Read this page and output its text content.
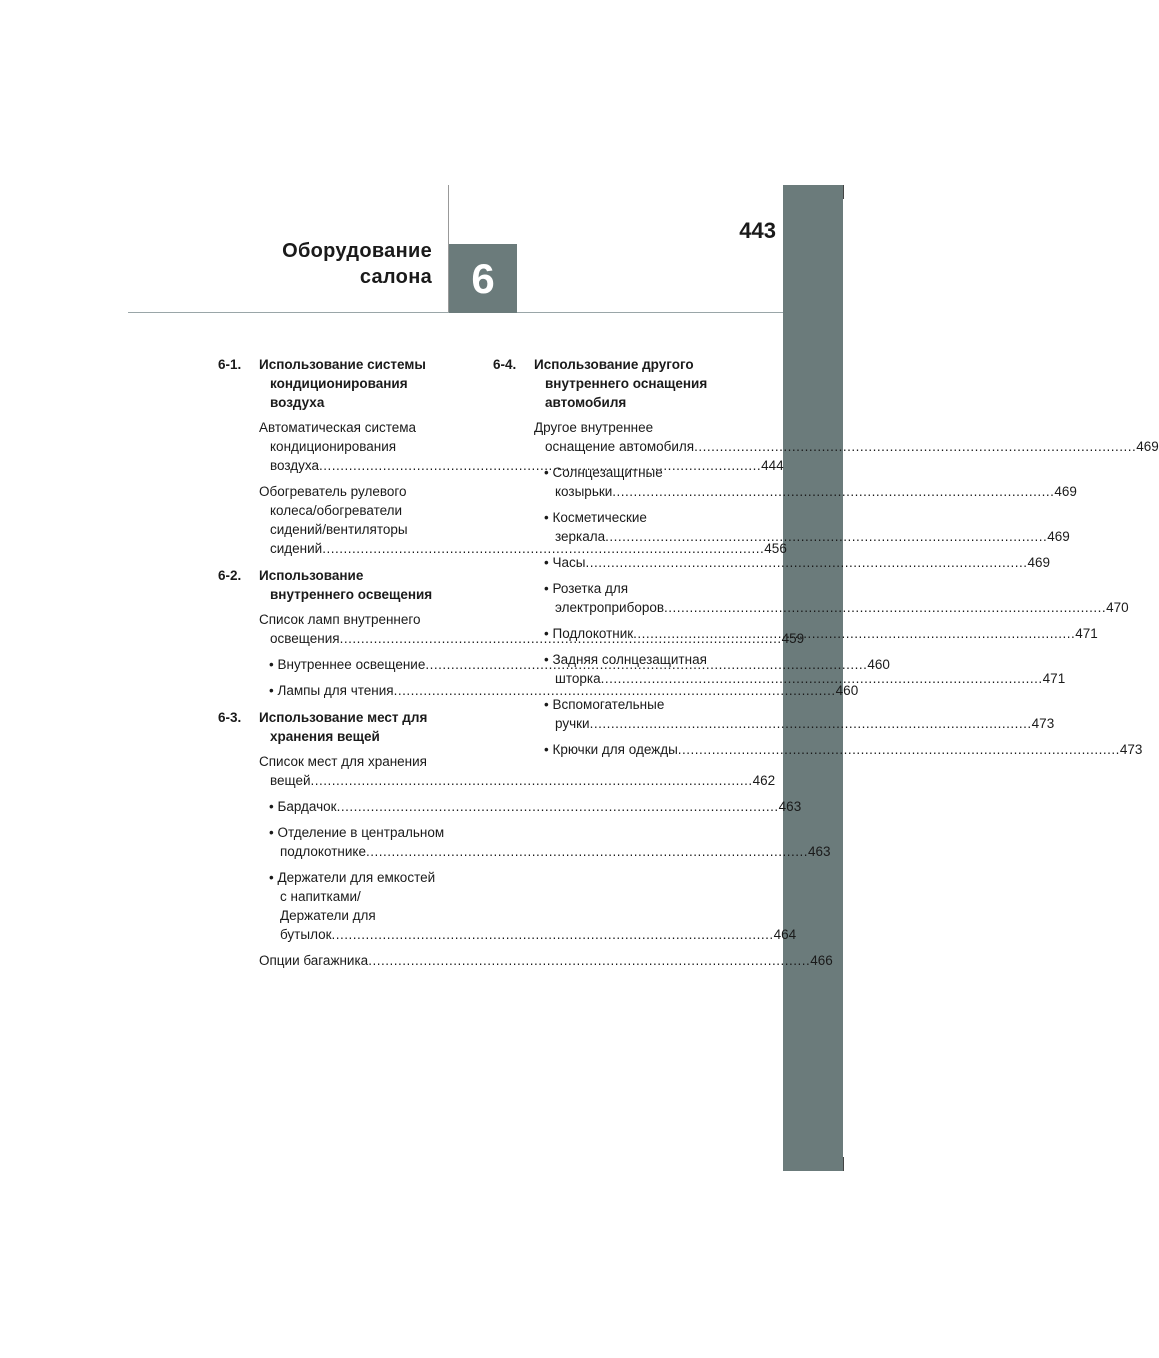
443
Оборудование
салона 6
6-1. Использование системы
кондиционирования
воздуха
Автоматическая система
кондиционирования
воздуха .....	444
Обогреватель рулевого
колеса/обогреватели
сидений/вентиляторы
сидений .....	456
6-2. Использование
внутреннего освещения
Список ламп внутреннего
освещения .....	459
• Внутреннее освещение .....	460
• Лампы для чтения .....	460
6-3. Использование мест для
хранения вещей
Список мест для хранения
вещей .....	462
• Бардачок .....	463
• Отделение в центральном
подлокотнике .....	463
• Держатели для емкостей
с напитками/
Держатели для
бутылок .....	464
Опции багажника .....	466
6-4. Использование другого
внутреннего оснащения
автомобиля
Другое внутреннее
оснащение автомобиля .....	469
• Солнцезащитные
козырьки .....	469
• Косметические
зеркала .....	469
• Часы .....	469
• Розетка для
электроприборов .....	470
• Подлокотник .....	471
• Задняя солнцезащитная
шторка .....	471
• Вспомогательные
ручки .....	473
• Крючки для одежды .....	473
